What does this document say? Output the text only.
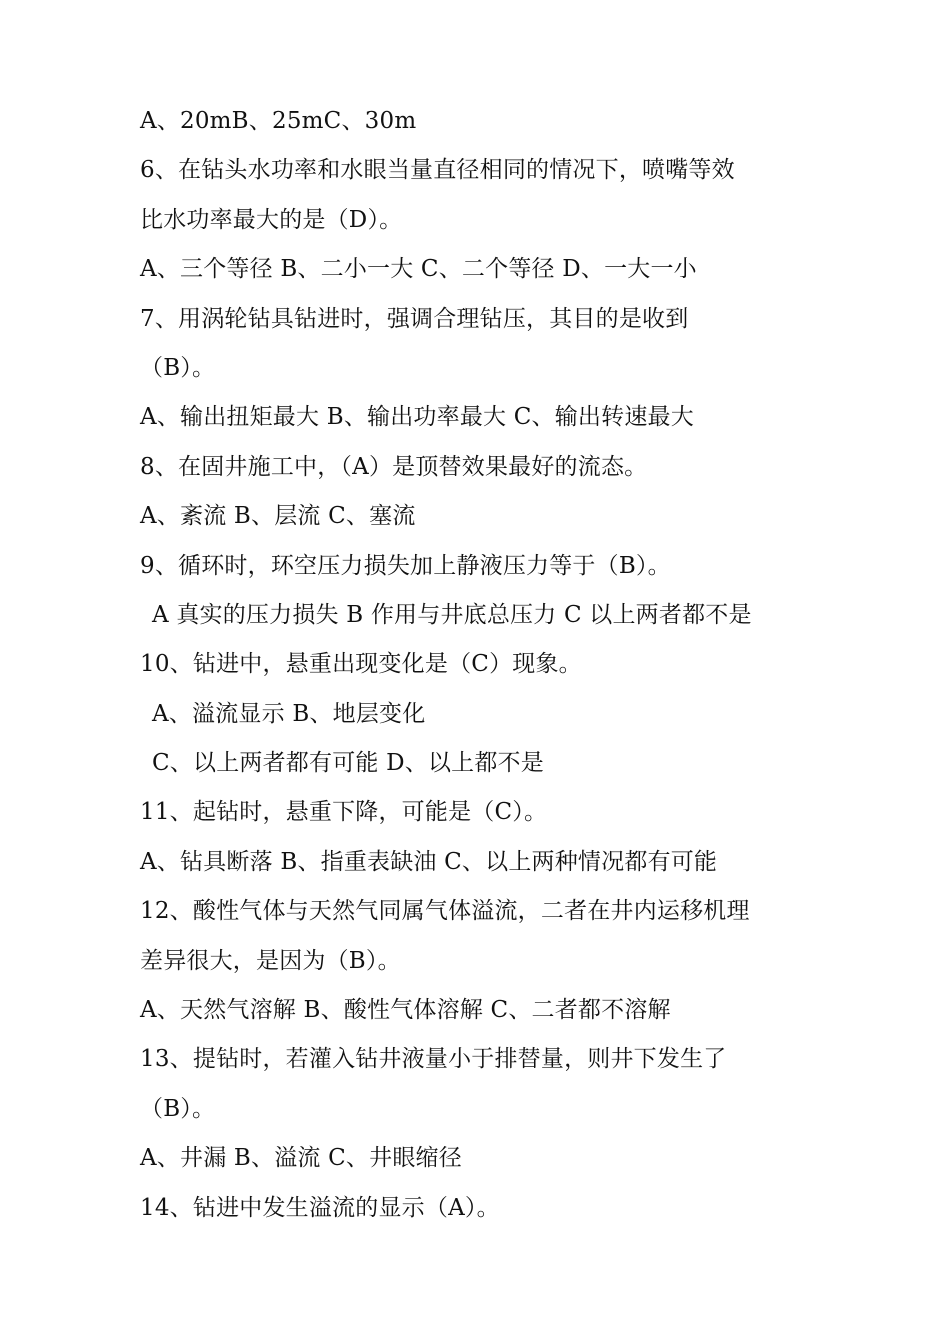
A、20mB、25mC、30m
6、在钻头水功率和水眼当量直径相同的情况下，喷嘴等效
比水功率最大的是（D）。
A、三个等径 B、二小一大 C、二个等径 D、一大一小
7、用涡轮钻具钻进时，强调合理钻压，其目的是收到
（B）。
A、输出扭矩最大 B、输出功率最大 C、输出转速最大
8、在固井施工中，（A）是顶替效果最好的流态。
A、紊流 B、层流 C、塞流
9、循环时，环空压力损失加上静液压力等于（B）。
A 真实的压力损失 B 作用与井底总压力 C 以上两者都不是
10、钻进中，悬重出现变化是（C）现象。
A、溢流显示 B、地层变化
C、以上两者都有可能 D、以上都不是
11、起钻时，悬重下降，可能是（C）。
A、钻具断落 B、指重表缺油 C、以上两种情况都有可能
12、酸性气体与天然气同属气体溢流，二者在井内运移机理
差异很大，是因为（B）。
A、天然气溶解 B、酸性气体溶解 C、二者都不溶解
13、提钻时，若灌入钻井液量小于排替量，则井下发生了
（B）。
A、井漏 B、溢流 C、井眼缩径
14、钻进中发生溢流的显示（A）。
